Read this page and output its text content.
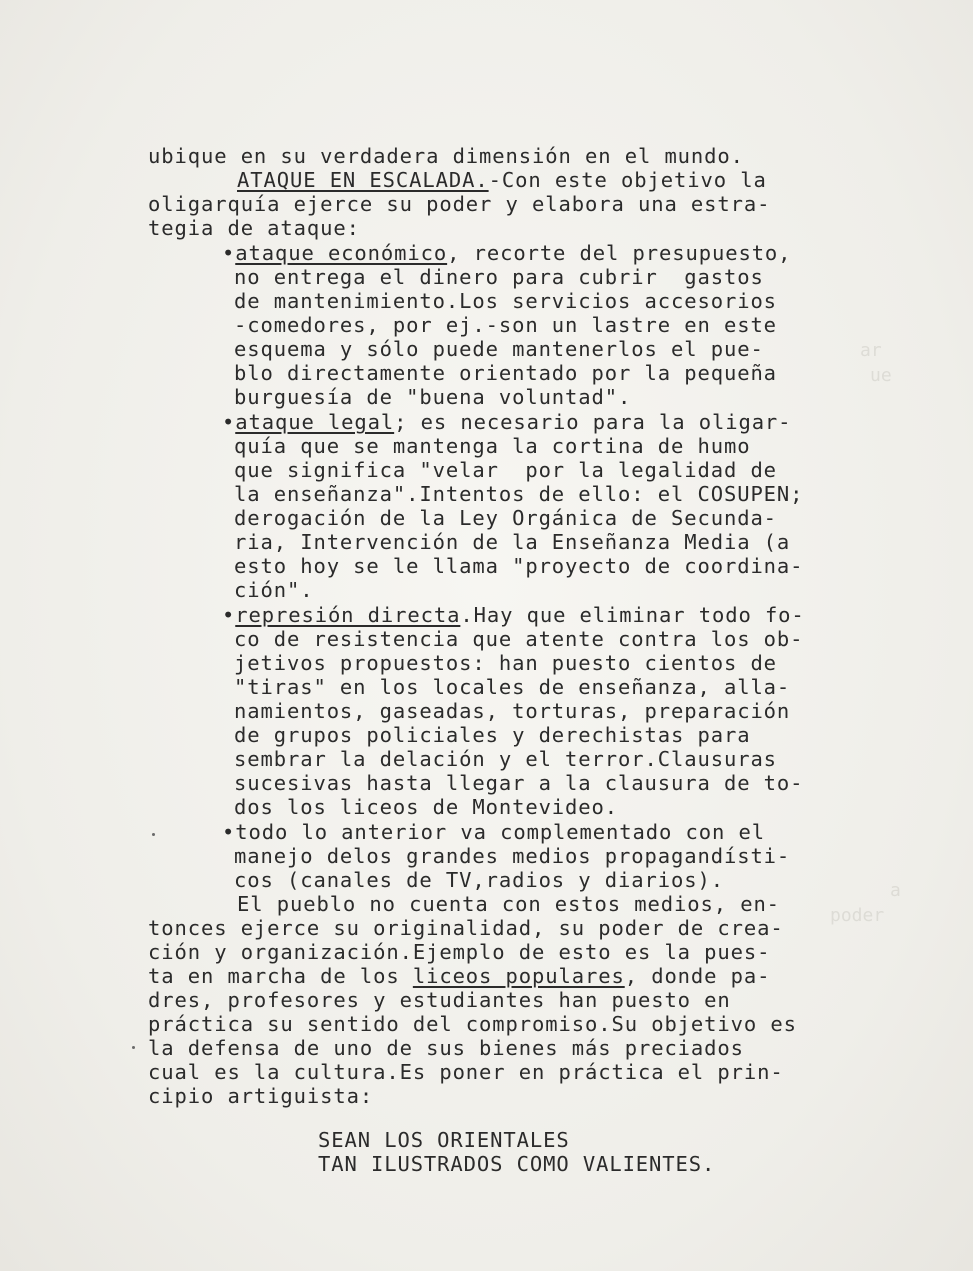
ar
ue
a
poder
ubique en su verdadera dimensión en el mundo.
ATAQUE EN ESCALADA.-Con este objetivo la
oligarquía ejerce su poder y elabora una estra-
tegia de ataque:
•ataque económico, recorte del presupuesto,
no entrega el dinero para cubrir  gastos
de mantenimiento.Los servicios accesorios
-comedores, por ej.-son un lastre en este
esquema y sólo puede mantenerlos el pue-
blo directamente orientado por la pequeña
burguesía de "buena voluntad".
•ataque legal; es necesario para la oligar-
quía que se mantenga la cortina de humo
que significa "velar  por la legalidad de
la enseñanza".Intentos de ello: el COSUPEN;
derogación de la Ley Orgánica de Secunda-
ria, Intervención de la Enseñanza Media (a
esto hoy se le llama "proyecto de coordina-
ción".
•represión directa.Hay que eliminar todo fo-
co de resistencia que atente contra los ob-
jetivos propuestos: han puesto cientos de
"tiras" en los locales de enseñanza, alla-
namientos, gaseadas, torturas, preparación
de grupos policiales y derechistas para
sembrar la delación y el terror.Clausuras
sucesivas hasta llegar a la clausura de to-
dos los liceos de Montevideo.
•todo lo anterior va complementado con el
manejo delos grandes medios propagandísti-
cos (canales de TV,radios y diarios).
El pueblo no cuenta con estos medios, en-
tonces ejerce su originalidad, su poder de crea-
ción y organización.Ejemplo de esto es la pues-
ta en marcha de los liceos populares, donde pa-
dres, profesores y estudiantes han puesto en
práctica su sentido del compromiso.Su objetivo es
la defensa de uno de sus bienes más preciados
cual es la cultura.Es poner en práctica el prin-
cipio artiguista:
SEAN LOS ORIENTALES
TAN ILUSTRADOS COMO VALIENTES.
